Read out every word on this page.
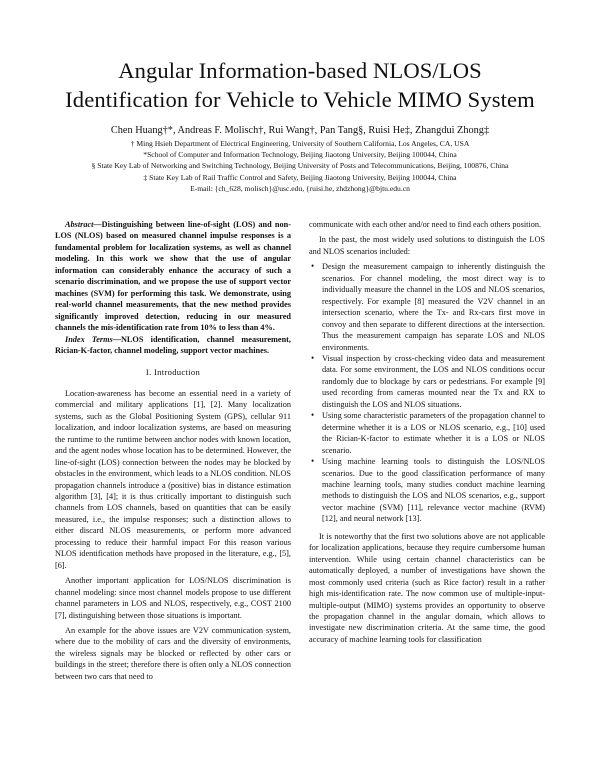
Angular Information-based NLOS/LOS Identification for Vehicle to Vehicle MIMO System
Chen Huang†*, Andreas F. Molisch†, Rui Wang†, Pan Tang§, Ruisi He‡, Zhangdui Zhong‡
† Ming Hsieh Department of Electrical Engineering, University of Southern California, Los Angeles, CA, USA
*School of Computer and Information Technology, Beijing Jiaotong University, Beijing 100044, China
§ State Key Lab of Networking and Switching Technology, Beijing University of Posts and Telecommunications, Beijing, 100876, China
‡ State Key Lab of Rail Traffic Control and Safety, Beijing Jiaotong University, Beijing 100044, China
E-mail: {ch_628, molisch}@usc.edu, {ruisi.he, zhdzhong}@bjtu.edu.cn

Abstract—Distinguishing between line-of-sight (LOS) and non-LOS (NLOS) based on measured channel impulse responses is a fundamental problem for localization systems, as well as channel modeling. In this work we show that the use of angular information can considerably enhance the accuracy of such a scenario discrimination, and we propose the use of support vector machines (SVM) for performing this task. We demonstrate, using real-world channel measurements, that the new method provides significantly improved detection, reducing in our measured channels the mis-identification rate from 10% to less than 4%.

Index Terms—NLOS identification, channel measurement, Rician-K-factor, channel modeling, support vector machines.

I. Introduction

Location-awareness has become an essential need in a variety of commercial and military applications [1], [2]. Many localization systems, such as the Global Positioning System (GPS), cellular 911 localization, and indoor localization systems, are based on measuring the runtime to the runtime between anchor nodes with known location, and the agent nodes whose location has to be determined. However, the line-of-sight (LOS) connection between the nodes may be blocked by obstacles in the environment, which leads to a NLOS condition. NLOS propagation channels introduce a (positive) bias in distance estimation algorithm [3], [4]; it is thus critically important to distinguish such channels from LOS channels, based on quantities that can be easily measured, i.e., the impulse responses; such a distinction allows to either discard NLOS measurements, or perform more advanced processing to reduce their harmful impact For this reason various NLOS identification methods have proposed in the literature, e.g., [5], [6].

Another important application for LOS/NLOS discrimination is channel modeling: since most channel models propose to use different channel parameters in LOS and NLOS, respectively, e.g., COST 2100 [7], distinguishing between those situations is important.

An example for the above issues are V2V communication system, where due to the mobility of cars and the diversity of environments, the wireless signals may be blocked or reflected by other cars or buildings in the street; therefore there is often only a NLOS connection between two cars that need to

communicate with each other and/or need to find each others position.

In the past, the most widely used solutions to distinguish the LOS and NLOS scenarios included:

• Design the measurement campaign to inherently distinguish the scenarios. For channel modeling, the most direct way is to individually measure the channel in the LOS and NLOS scenarios, respectively. For example [8] measured the V2V channel in an intersection scenario, where the Tx- and Rx-cars first move in convoy and then separate to different directions at the intersection. Thus the measurement campaign has separate LOS and NLOS environments.
• Visual inspection by cross-checking video data and measurement data. For some environment, the LOS and NLOS conditions occur randomly due to blockage by cars or pedestrians. For example [9] used recording from cameras mounted near the Tx and RX to distinguish the LOS and NLOS situations.
• Using some characteristic parameters of the propagation channel to determine whether it is a LOS or NLOS scenario, e.g., [10] used the Rician-K-factor to estimate whether it is a LOS or NLOS scenario.
• Using machine learning tools to distinguish the LOS/NLOS scenarios. Due to the good classification performance of many machine learning tools, many studies conduct machine learning methods to distinguish the LOS and NLOS scenarios, e.g., support vector machine (SVM) [11], relevance vector machine (RVM) [12], and neural network [13].

It is noteworthy that the first two solutions above are not applicable for localization applications, because they require cumbersome human intervention. While using certain channel characteristics can be automatically deployed, a number of investigations have shown the most commonly used criteria (such as Rice factor) result in a rather high mis-identification rate. The now common use of multiple-input-multiple-output (MIMO) systems provides an opportunity to observe the propagation channel in the angular domain, which allows to investigate new discrimination criteria. At the same time, the good accuracy of machine learning tools for classification
